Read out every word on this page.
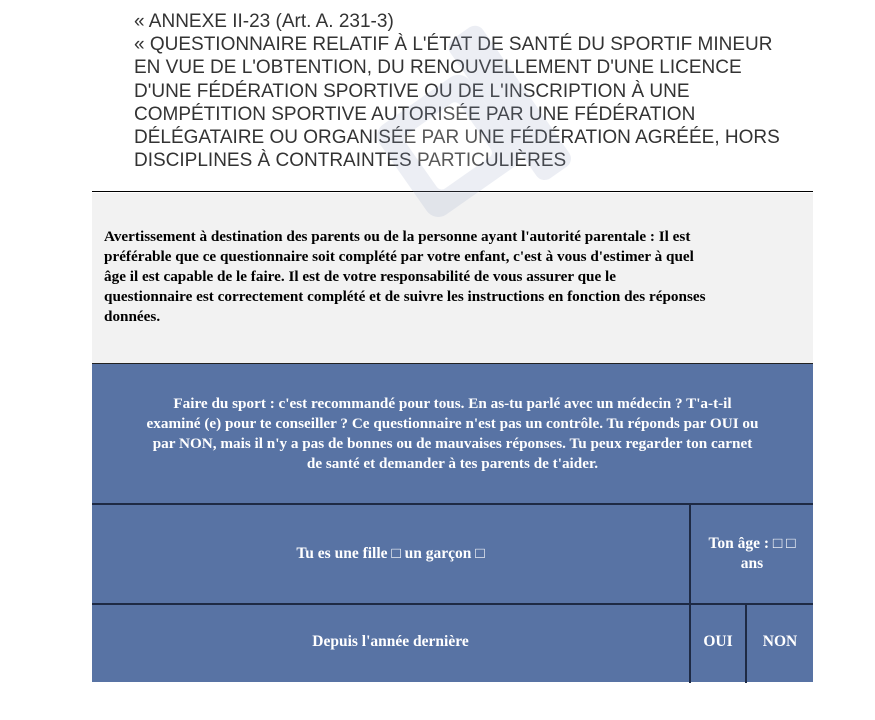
« ANNEXE II-23 (Art. A. 231-3)
« QUESTIONNAIRE RELATIF À L'ÉTAT DE SANTÉ DU SPORTIF MINEUR
EN VUE DE L'OBTENTION, DU RENOUVELLEMENT D'UNE LICENCE
D'UNE FÉDÉRATION SPORTIVE OU DE L'INSCRIPTION À UNE
COMPÉTITION SPORTIVE AUTORISÉE PAR UNE FÉDÉRATION
DÉLÉGATAIRE OU ORGANISÉE PAR UNE FÉDÉRATION AGRÉÉE, HORS
DISCIPLINES À CONTRAINTES PARTICULIÈRES

Avertissement à destination des parents ou de la personne ayant l'autorité parentale : Il est
préférable que ce questionnaire soit complété par votre enfant, c'est à vous d'estimer à quel
âge il est capable de le faire. Il est de votre responsabilité de vous assurer que le
questionnaire est correctement complété et de suivre les instructions en fonction des réponses
données.

Faire du sport : c'est recommandé pour tous. En as-tu parlé avec un médecin ? T'a-t-il
examiné (e) pour te conseiller ? Ce questionnaire n'est pas un contrôle. Tu réponds par OUI ou
par NON, mais il n'y a pas de bonnes ou de mauvaises réponses. Tu peux regarder ton carnet
de santé et demander à tes parents de t'aider.
Tu es une fille □ un garçon □
Ton âge : □ □
ans
Depuis l'année dernière	OUI	NON
